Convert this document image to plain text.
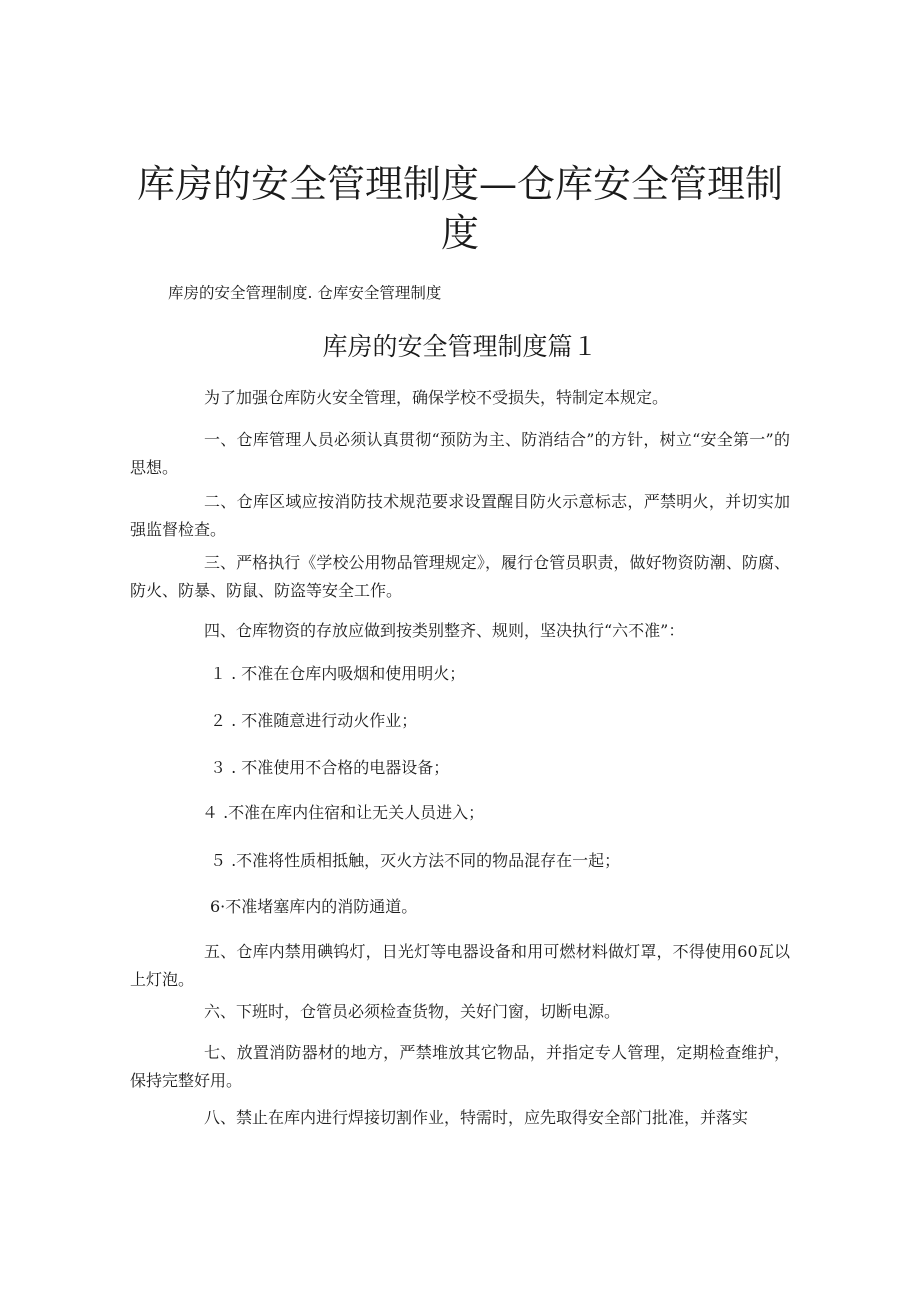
库房的安全管理制度—仓库安全管理制度
库房的安全管理制度. 仓库安全管理制度
库房的安全管理制度篇１

为了加强仓库防火安全管理，确保学校不受损失，特制定本规定。

一、仓库管理人员必须认真贯彻“预防为主、防消结合”的方针，树立“安全第一”的思想。

二、仓库区域应按消防技术规范要求设置醒目防火示意标志，严禁明火，并切实加强监督检查。

三、严格执行《学校公用物品管理规定》，履行仓管员职责，做好物资防潮、防腐、防火、防暴、防鼠、防盗等安全工作。

四、仓库物资的存放应做到按类别整齐、规则，坚决执行“六不准”：

１ . 不准在仓库内吸烟和使用明火；
２ . 不准随意进行动火作业；
３ . 不准使用不合格的电器设备；
４ .不准在库内住宿和让无关人员进入；
５ .不准将性质相抵触，灭火方法不同的物品混存在一起；
6·不准堵塞库内的消防通道。

五、仓库内禁用碘钨灯，日光灯等电器设备和用可燃材料做灯罩，不得使用60瓦以上灯泡。

六、下班时，仓管员必须检查货物，关好门窗，切断电源。

七、放置消防器材的地方，严禁堆放其它物品，并指定专人管理，定期检查维护，保持完整好用。

八、禁止在库内进行焊接切割作业，特需时，应先取得安全部门批准，并落实
